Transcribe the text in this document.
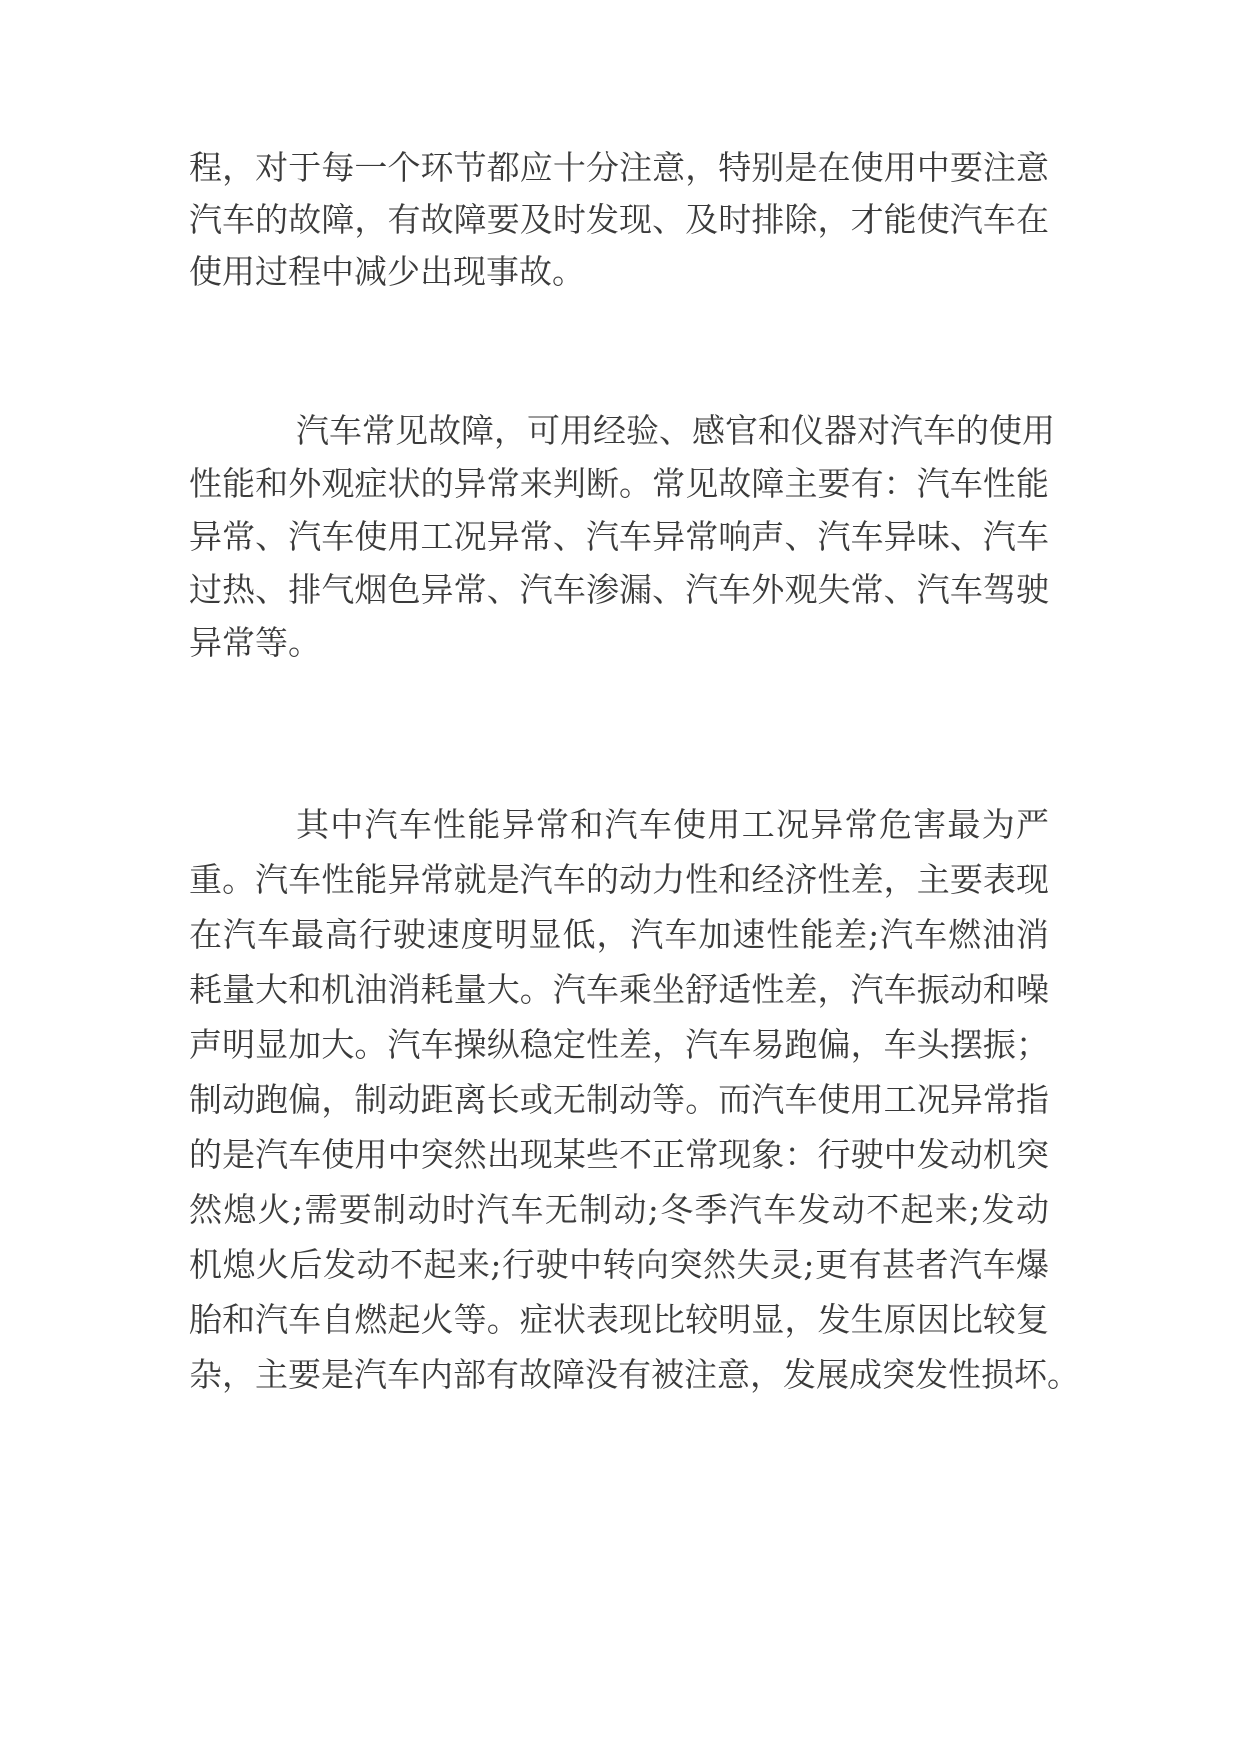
程，对于每一个环节都应十分注意，特别是在使用中要注意
汽车的故障，有故障要及时发现、及时排除，才能使汽车在
使用过程中减少出现事故。
汽车常见故障，可用经验、感官和仪器对汽车的使用
性能和外观症状的异常来判断。常见故障主要有：汽车性能
异常、汽车使用工况异常、汽车异常响声、汽车异味、汽车
过热、排气烟色异常、汽车渗漏、汽车外观失常、汽车驾驶
异常等。
其中汽车性能异常和汽车使用工况异常危害最为严
重。汽车性能异常就是汽车的动力性和经济性差，主要表现
在汽车最高行驶速度明显低，汽车加速性能差;汽车燃油消
耗量大和机油消耗量大。汽车乘坐舒适性差，汽车振动和噪
声明显加大。汽车操纵稳定性差，汽车易跑偏，车头摆振；
制动跑偏，制动距离长或无制动等。而汽车使用工况异常指
的是汽车使用中突然出现某些不正常现象：行驶中发动机突
然熄火;需要制动时汽车无制动;冬季汽车发动不起来;发动
机熄火后发动不起来;行驶中转向突然失灵;更有甚者汽车爆
胎和汽车自燃起火等。症状表现比较明显，发生原因比较复
杂，主要是汽车内部有故障没有被注意，发展成突发性损坏。
